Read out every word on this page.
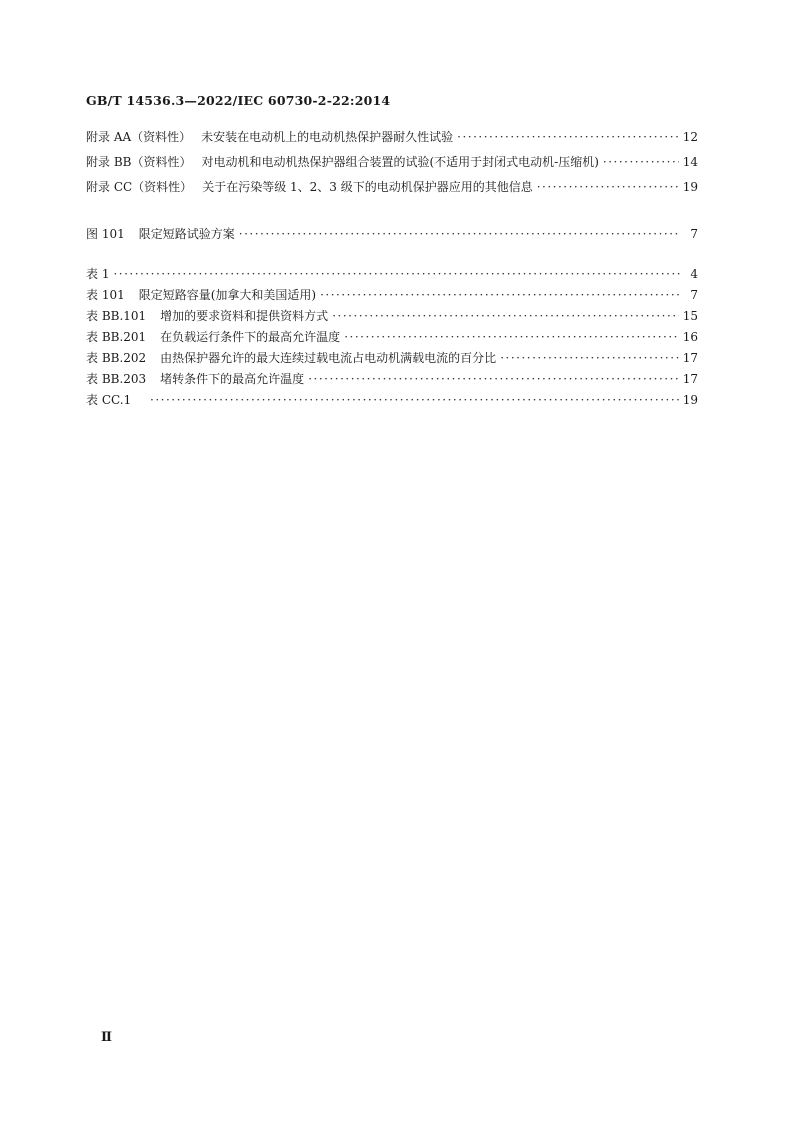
GB/T 14536.3—2022/IEC 60730-2-22:2014
附录 AA（资料性） 未安装在电动机上的电动机热保护器耐久性试验 ·····	12
附录 BB（资料性） 对电动机和电动机热保护器组合装置的试验(不适用于封闭式电动机-压缩机) ·····	14
附录 CC（资料性） 关于在污染等级 1、2、3 级下的电动机保护器应用的其他信息 ·····	19
图 101 限定短路试验方案 ·····	7
表 1 ·····	4
表 101 限定短路容量(加拿大和美国适用) ·····	7
表 BB.101 增加的要求资料和提供资料方式 ·····	15
表 BB.201 在负载运行条件下的最高允许温度 ·····	16
表 BB.202 由热保护器允许的最大连续过载电流占电动机满载电流的百分比 ·····	17
表 BB.203 堵转条件下的最高允许温度 ·····	17
表 CC.1 ·····	19
Ⅱ
